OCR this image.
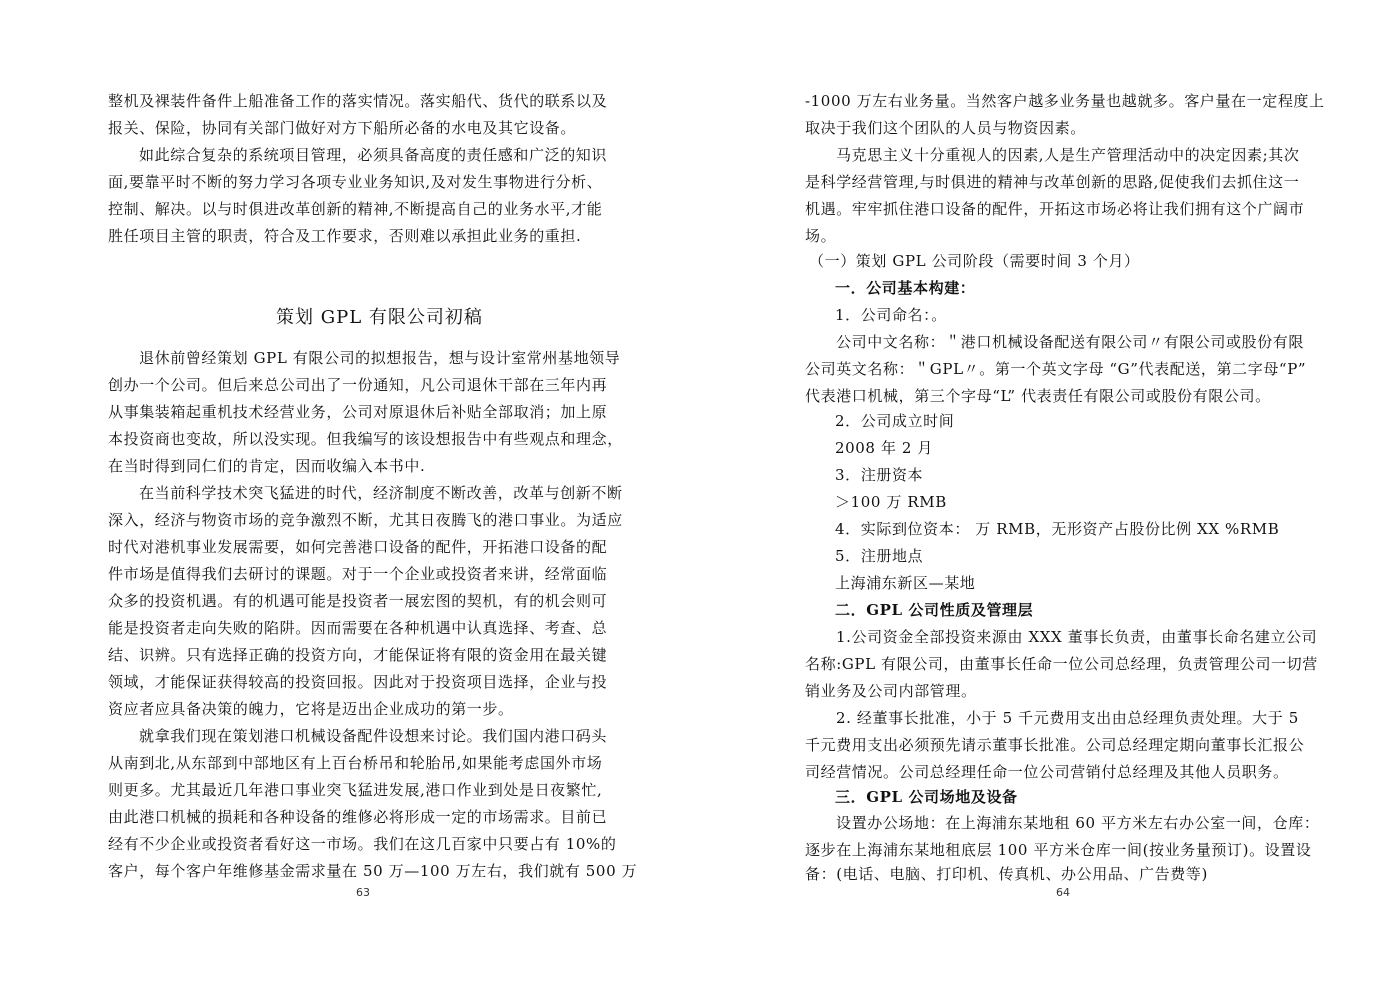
整机及裸装件备件上船准备工作的落实情况。落实船代、货代的联系以及
报关、保险，协同有关部门做好对方下船所必备的水电及其它设备。
如此综合复杂的系统项目管理，必须具备高度的责任感和广泛的知识
面,要靠平时不断的努力学习各项专业业务知识,及对发生事物进行分析、
控制、解决。以与时俱进改革创新的精神,不断提高自己的业务水平,才能
胜任项目主管的职责，符合及工作要求，否则难以承担此业务的重担.
策划 GPL 有限公司初稿
退休前曾经策划 GPL 有限公司的拟想报告，想与设计室常州基地领导
创办一个公司。但后来总公司出了一份通知，凡公司退休干部在三年内再
从事集装箱起重机技术经营业务，公司对原退休后补贴全部取消；加上原
本投资商也变故，所以没实现。但我编写的该设想报告中有些观点和理念，
在当时得到同仁们的肯定，因而收编入本书中.
在当前科学技术突飞猛进的时代，经济制度不断改善，改革与创新不断
深入，经济与物资市场的竞争激烈不断，尤其日夜腾飞的港口事业。为适应
时代对港机事业发展需要，如何完善港口设备的配件，开拓港口设备的配
件市场是值得我们去研讨的课题。对于一个企业或投资者来讲，经常面临
众多的投资机遇。有的机遇可能是投资者一展宏图的契机，有的机会则可
能是投资者走向失败的陷阱。因而需要在各种机遇中认真选择、考查、总
结、识辨。只有选择正确的投资方向，才能保证将有限的资金用在最关键
领域，才能保证获得较高的投资回报。因此对于投资项目选择，企业与投
资应者应具备决策的魄力，它将是迈出企业成功的第一步。
就拿我们现在策划港口机械设备配件设想来讨论。我们国内港口码头
从南到北,从东部到中部地区有上百台桥吊和轮胎吊,如果能考虑国外市场
则更多。尤其最近几年港口事业突飞猛进发展,港口作业到处是日夜繁忙,
由此港口机械的损耗和各种设备的维修必将形成一定的市场需求。目前已
经有不少企业或投资者看好这一市场。我们在这几百家中只要占有 10%的
客户，每个客户年维修基金需求量在 50 万—100 万左右，我们就有 500 万
63
-1000 万左右业务量。当然客户越多业务量也越就多。客户量在一定程度上
取决于我们这个团队的人员与物资因素。
马克思主义十分重视人的因素,人是生产管理活动中的决定因素;其次
是科学经营管理,与时俱进的精神与改革创新的思路,促使我们去抓住这一
机遇。牢牢抓住港口设备的配件，开拓这市场必将让我们拥有这个广阔市
场。
（一）策划 GPL 公司阶段（需要时间 3 个月）
一．公司基本构建：
1．公司命名：。
公司中文名称：＂港口机械设备配送有限公司〃有限公司或股份有限
公司英文名称：＂GPL〃。第一个英文字母 “G”代表配送，第二字母“P”
代表港口机械，第三个字母“L” 代表责任有限公司或股份有限公司。
2．公司成立时间
2008 年 2 月
3．注册资本
＞100 万 RMB
4．实际到位资本： 万 RMB，无形资产占股份比例 XX %RMB
5．注册地点
上海浦东新区—某地
二．GPL 公司性质及管理层
1.公司资金全部投资来源由 XXX 董事长负责，由董事长命名建立公司
名称:GPL 有限公司，由董事长任命一位公司总经理，负责管理公司一切营
销业务及公司内部管理。
2. 经董事长批准，小于 5 千元费用支出由总经理负责处理。大于 5
千元费用支出必须预先请示董事长批准。公司总经理定期向董事长汇报公
司经营情况。公司总经理任命一位公司营销付总经理及其他人员职务。
三．GPL 公司场地及设备
设置办公场地：在上海浦东某地租 60 平方米左右办公室一间，仓库：
逐步在上海浦东某地租底层 100 平方米仓库一间(按业务量预订)。设置设
备：(电话、电脑、打印机、传真机、办公用品、广告费等)
64
